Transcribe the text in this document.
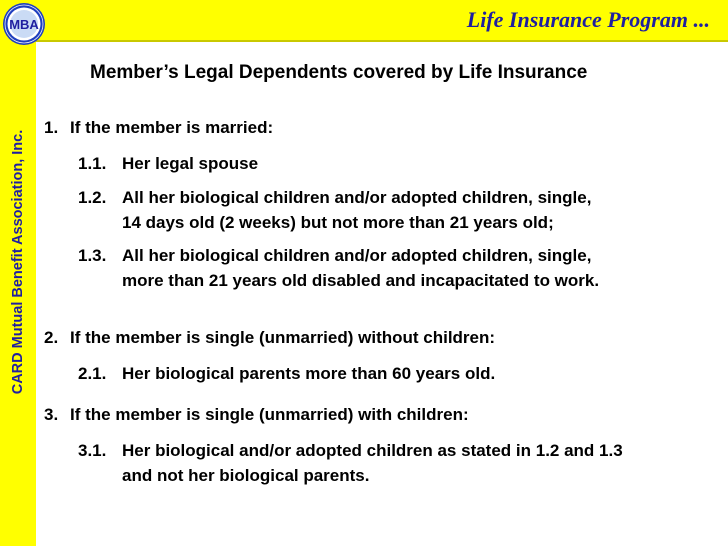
CARD Mutual Benefit Association, Inc.
Life Insurance Program ...
MBA
Member’s Legal Dependents covered by Life Insurance
1. If the member is married:
1.1. Her legal spouse
1.2. All her biological children and/or adopted children, single,
14 days old (2 weeks) but not more than 21 years old;
1.3. All her biological children and/or adopted children, single,
more than 21 years old disabled and incapacitated to work.
2. If the member is single (unmarried) without children:
2.1. Her biological parents more than 60 years old.
3. If the member is single (unmarried) with children:
3.1. Her biological and/or adopted children as stated in 1.2 and 1.3
and not her biological parents.
